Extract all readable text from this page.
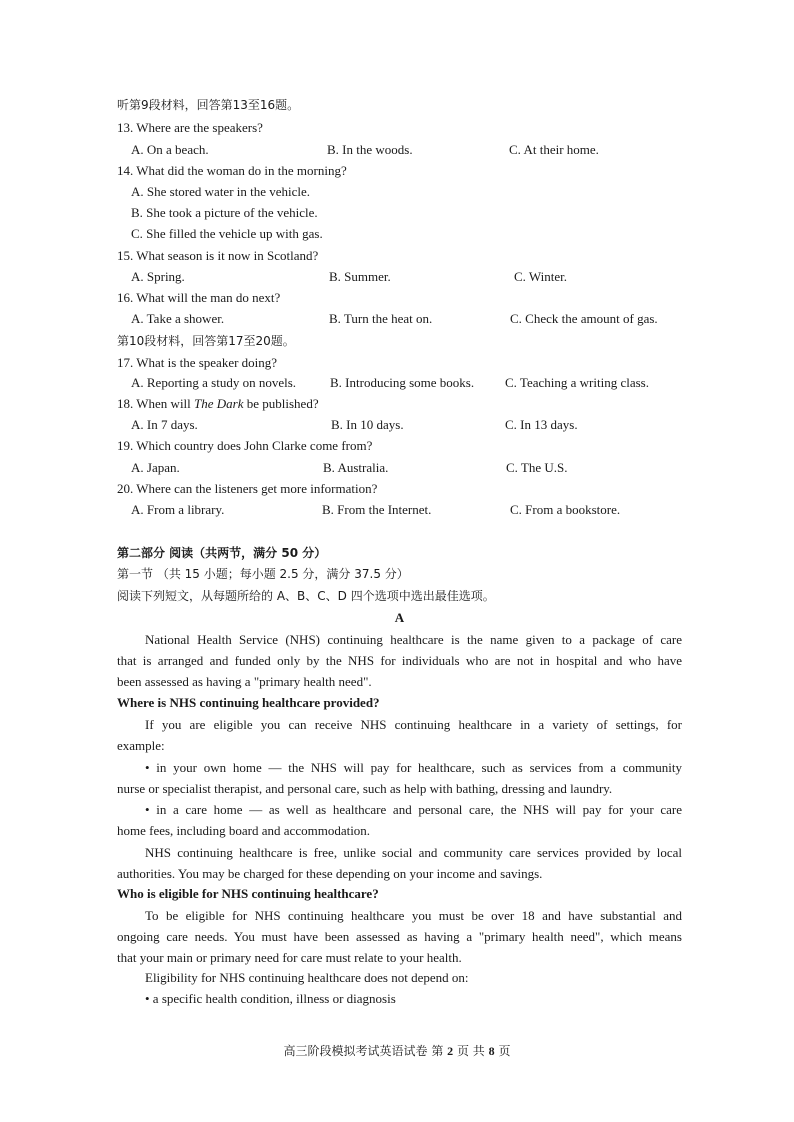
听第9段材料，回答第13至16题。
13. Where are the speakers?
A. On a beach.	B. In the woods.	C. At their home.
14. What did the woman do in the morning?
A. She stored water in the vehicle.
B. She took a picture of the vehicle.
C. She filled the vehicle up with gas.
15. What season is it now in Scotland?
A. Spring.	B. Summer.	C. Winter.
16. What will the man do next?
A. Take a shower.	B. Turn the heat on.	C. Check the amount of gas.
第10段材料，回答第17至20题。
17. What is the speaker doing?
A. Reporting a study on novels.	B. Introducing some books. C. Teaching a writing class.
18. When will The Dark be published?
A. In 7 days.	B. In 10 days.	C. In 13 days.
19. Which country does John Clarke come from?
A. Japan.	B. Australia.	C. The U.S.
20. Where can the listeners get more information?
A. From a library.	B. From the Internet.	C. From a bookstore.
第二部分 阅读（共两节，满分 50 分）
第一节 （共 15 小题；每小题 2.5 分，满分 37.5 分）
阅读下列短文，从每题所给的 A、B、C、D 四个选项中选出最佳选项。
A
National Health Service (NHS) continuing healthcare is the name given to a package of care
that is arranged and funded only by the NHS for individuals who are not in hospital and who have
been assessed as having a "primary health need".
Where is NHS continuing healthcare provided?
If you are eligible you can receive NHS continuing healthcare in a variety of settings, for
example:
• in your own home — the NHS will pay for healthcare, such as services from a community
nurse or specialist therapist, and personal care, such as help with bathing, dressing and laundry.
• in a care home — as well as healthcare and personal care, the NHS will pay for your care
home fees, including board and accommodation.
NHS continuing healthcare is free, unlike social and community care services provided by local
authorities. You may be charged for these depending on your income and savings.
Who is eligible for NHS continuing healthcare?
To be eligible for NHS continuing healthcare you must be over 18 and have substantial and
ongoing care needs. You must have been assessed as having a "primary health need", which means
that your main or primary need for care must relate to your health.
Eligibility for NHS continuing healthcare does not depend on:
• a specific health condition, illness or diagnosis
高三阶段模拟考试英语试卷 第 2 页 共 8 页
